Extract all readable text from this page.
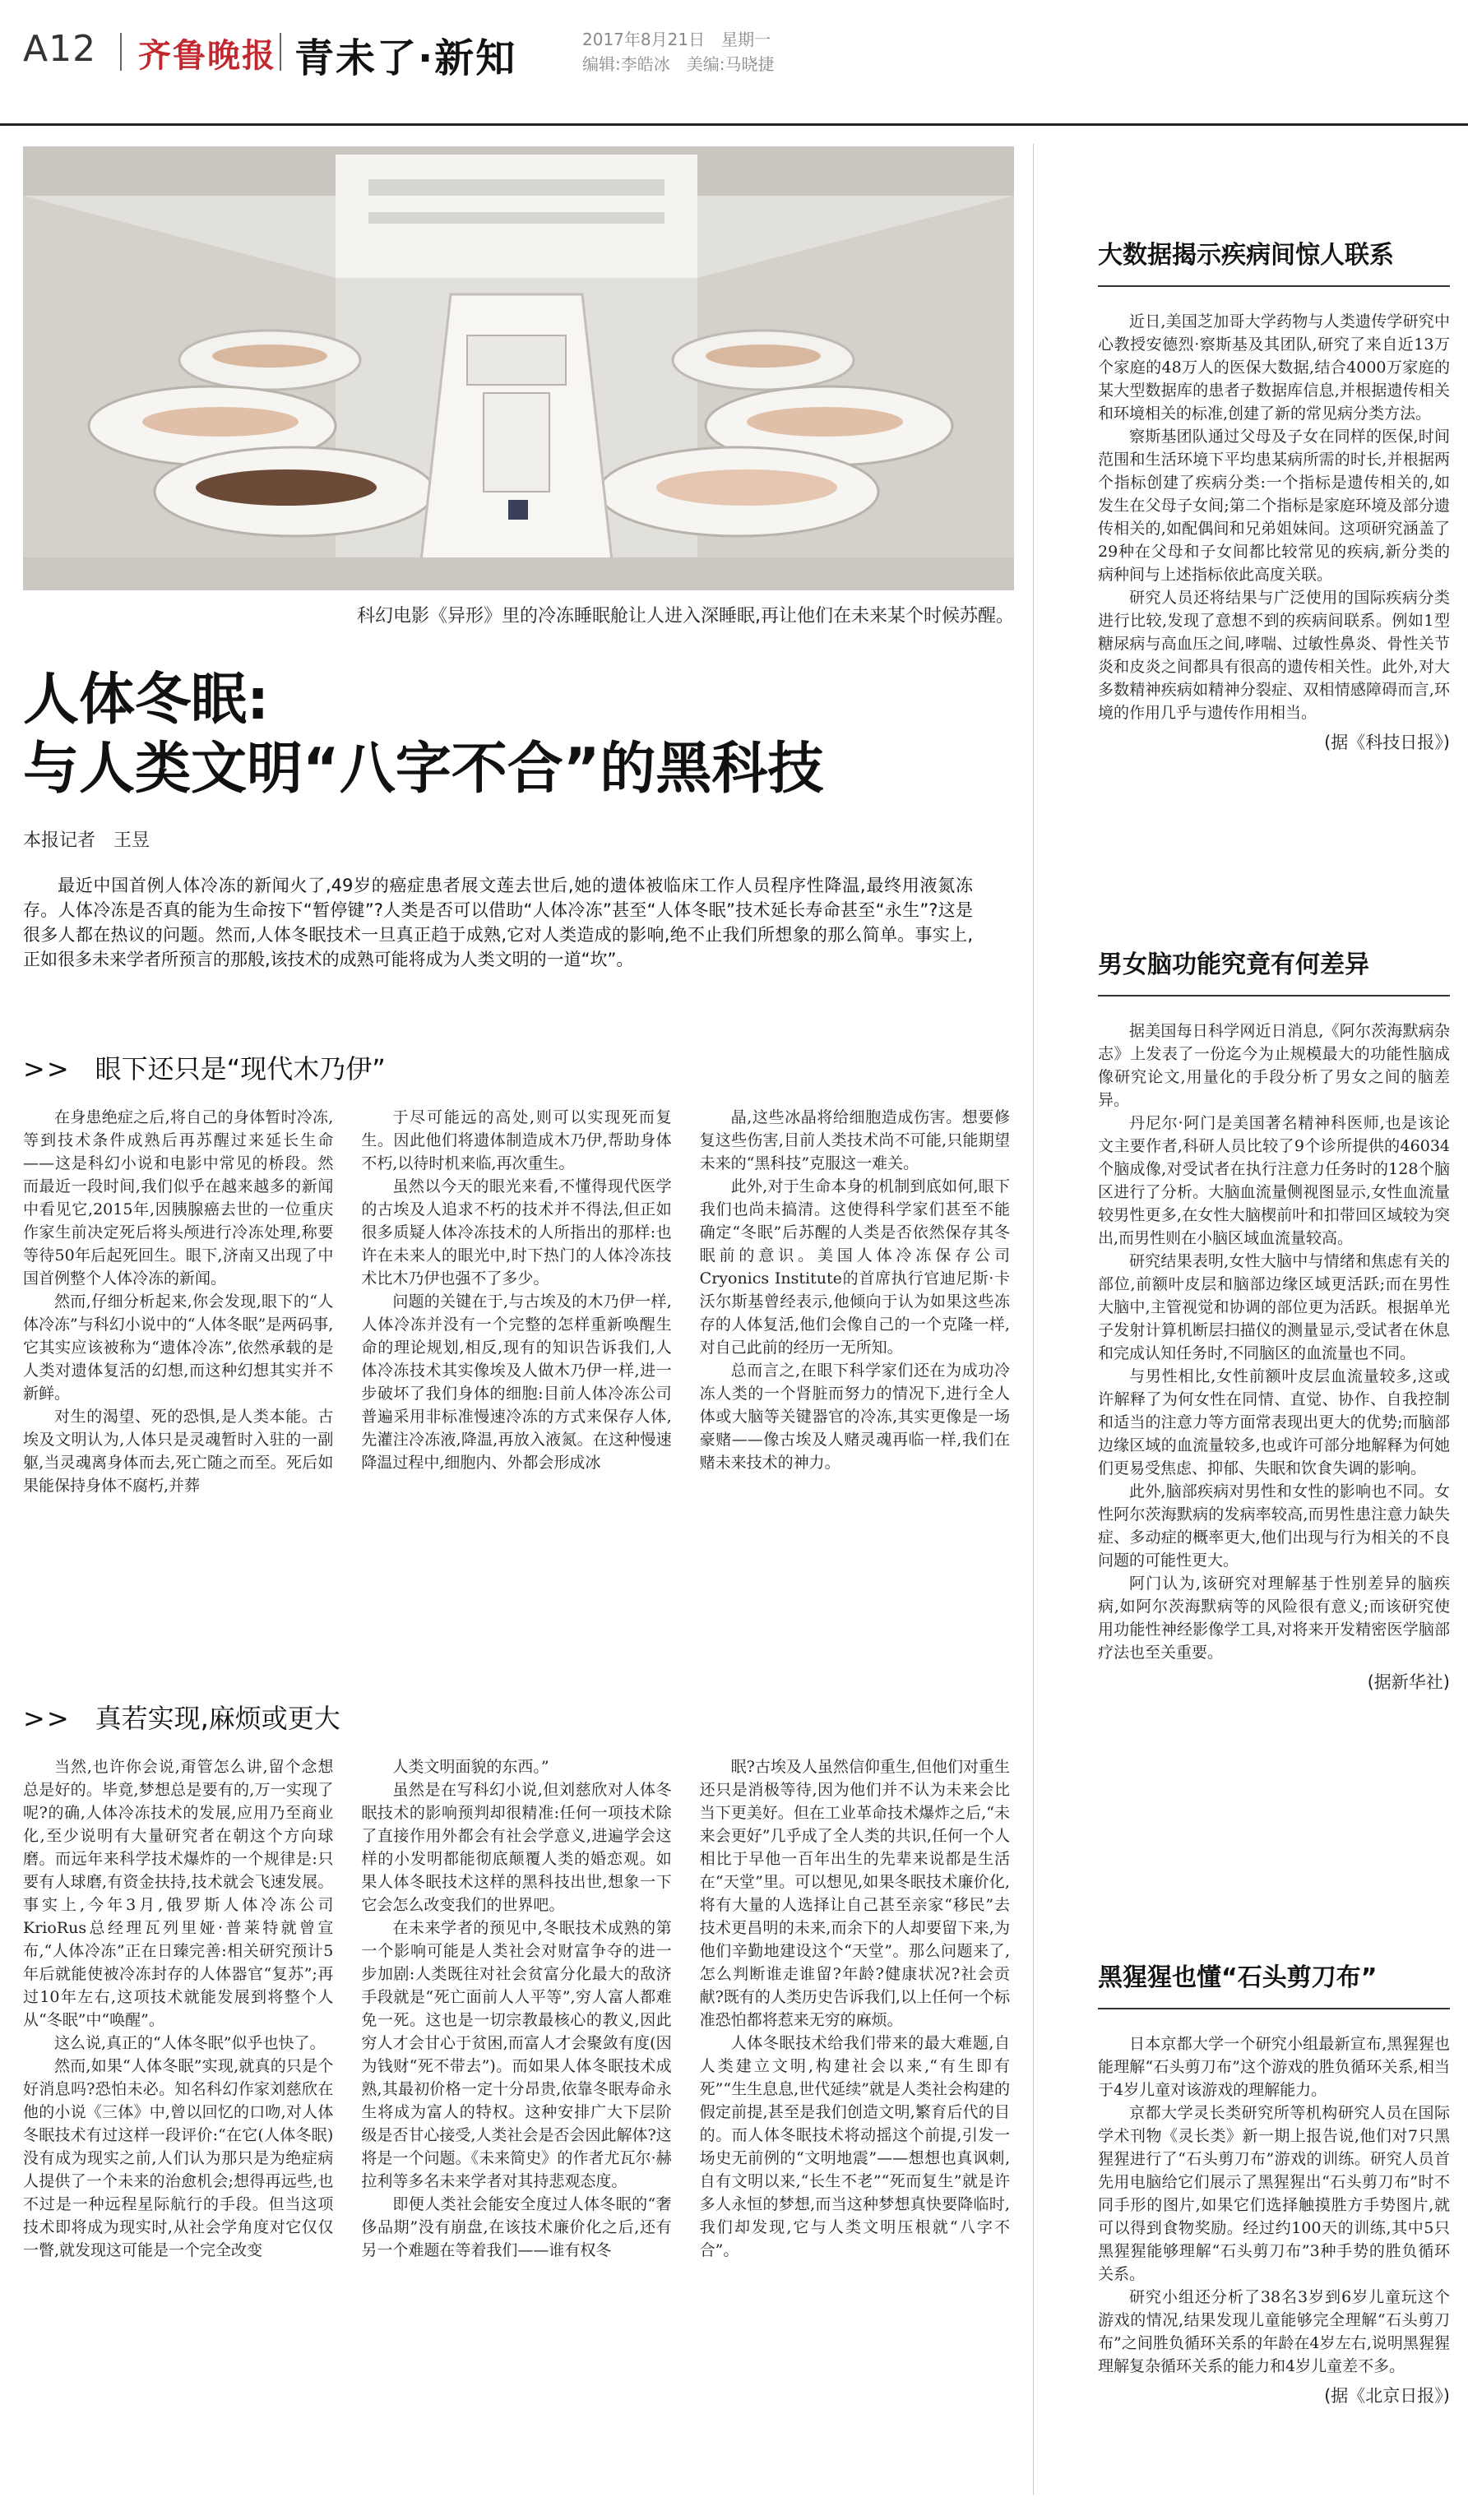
A12 齐鲁晚报 青未了·新知	2017年8月21日　星期一
编辑:李皓冰　美编:马晓捷
科幻电影《异形》里的冷冻睡眠舱让人进入深睡眠,再让他们在未来某个时候苏醒。
人体冬眠:
与人类文明“八字不合”的黑科技
本报记者　王昱
最近中国首例人体冷冻的新闻火了,49岁的癌症患者展文莲去世后,她的遗体被临床工作人员程序性降温,最终用液氮冻存。人体冷冻是否真的能为生命按下“暂停键”?人类是否可以借助“人体冷冻”甚至“人体冬眠”技术延长寿命甚至“永生”?这是很多人都在热议的问题。然而,人体冬眠技术一旦真正趋于成熟,它对人类造成的影响,绝不止我们所想象的那么简单。事实上,正如很多未来学者所预言的那般,该技术的成熟可能将成为人类文明的一道“坎”。
>> 眼下还只是“现代木乃伊”

在身患绝症之后,将自己的身体暂时冷冻,等到技术条件成熟后再苏醒过来延长生命——这是科幻小说和电影中常见的桥段。然而最近一段时间,我们似乎在越来越多的新闻中看见它,2015年,因胰腺癌去世的一位重庆作家生前决定死后将头颅进行冷冻处理,称要等待50年后起死回生。眼下,济南又出现了中国首例整个人体冷冻的新闻。

然而,仔细分析起来,你会发现,眼下的“人体冷冻”与科幻小说中的“人体冬眠”是两码事,它其实应该被称为“遗体冷冻”,依然承载的是人类对遗体复活的幻想,而这种幻想其实并不新鲜。

对生的渴望、死的恐惧,是人类本能。古埃及文明认为,人体只是灵魂暂时入驻的一副躯,当灵魂离身体而去,死亡随之而至。死后如果能保持身体不腐朽,并葬

于尽可能远的高处,则可以实现死而复生。因此他们将遗体制造成木乃伊,帮助身体不朽,以待时机来临,再次重生。

虽然以今天的眼光来看,不懂得现代医学的古埃及人追求不朽的技术并不得法,但正如很多质疑人体冷冻技术的人所指出的那样:也许在未来人的眼光中,时下热门的人体冷冻技术比木乃伊也强不了多少。

问题的关键在于,与古埃及的木乃伊一样,人体冷冻并没有一个完整的怎样重新唤醒生命的理论规划,相反,现有的知识告诉我们,人体冷冻技术其实像埃及人做木乃伊一样,进一步破坏了我们身体的细胞:目前人体冷冻公司普遍采用非标准慢速冷冻的方式来保存人体,先灌注冷冻液,降温,再放入液氮。在这种慢速降温过程中,细胞内、外都会形成冰

晶,这些冰晶将给细胞造成伤害。想要修复这些伤害,目前人类技术尚不可能,只能期望未来的“黑科技”克服这一难关。

此外,对于生命本身的机制到底如何,眼下我们也尚未搞清。这使得科学家们甚至不能确定“冬眠”后苏醒的人类是否依然保存其冬眠前的意识。美国人体冷冻保存公司Cryonics Institute的首席执行官迪尼斯·卡沃尔斯基曾经表示,他倾向于认为如果这些冻存的人体复活,他们会像自己的一个克隆一样,对自己此前的经历一无所知。

总而言之,在眼下科学家们还在为成功冷冻人类的一个肾脏而努力的情况下,进行全人体或大脑等关键器官的冷冻,其实更像是一场豪赌——像古埃及人赌灵魂再临一样,我们在赌未来技术的神力。

>> 真若实现,麻烦或更大

当然,也许你会说,甭管怎么讲,留个念想总是好的。毕竟,梦想总是要有的,万一实现了呢?的确,人体冷冻技术的发展,应用乃至商业化,至少说明有大量研究者在朝这个方向球磨。而远年来科学技术爆炸的一个规律是:只要有人球磨,有资金扶持,技术就会飞速发展。事实上,今年3月,俄罗斯人体冷冻公司KrioRus总经理瓦列里娅·普莱特就曾宣布,“人体冷冻”正在日臻完善:相关研究预计5年后就能使被冷冻封存的人体器官“复苏”;再过10年左右,这项技术就能发展到将整个人从“冬眠”中“唤醒”。

这么说,真正的“人体冬眠”似乎也快了。

然而,如果“人体冬眠”实现,就真的只是个好消息吗?恐怕未必。知名科幻作家刘慈欣在他的小说《三体》中,曾以回忆的口吻,对人体冬眠技术有过这样一段评价:“在它(人体冬眠)没有成为现实之前,人们认为那只是为绝症病人提供了一个未来的治愈机会;想得再远些,也不过是一种远程星际航行的手段。但当这项技术即将成为现实时,从社会学角度对它仅仅一瞥,就发现这可能是一个完全改变

人类文明面貌的东西。”

虽然是在写科幻小说,但刘慈欣对人体冬眠技术的影响预判却很精准:任何一项技术除了直接作用外都会有社会学意义,进遍学会这样的小发明都能彻底颠覆人类的婚恋观。如果人体冬眠技术这样的黑科技出世,想象一下它会怎么改变我们的世界吧。

在未来学者的预见中,冬眠技术成熟的第一个影响可能是人类社会对财富争夺的进一步加剧:人类既往对社会贫富分化最大的敌济手段就是“死亡面前人人平等”,穷人富人都难免一死。这也是一切宗教最核心的教义,因此穷人才会甘心于贫困,而富人才会聚敛有度(因为钱财“死不带去”)。而如果人体冬眠技术成熟,其最初价格一定十分昂贵,依靠冬眠寿命永生将成为富人的特权。这种安排广大下层阶级是否甘心接受,人类社会是否会因此解体?这将是一个问题。《未来简史》的作者尤瓦尔·赫拉利等多名未来学者对其持悲观态度。

即便人类社会能安全度过人体冬眠的“奢侈品期”没有崩盘,在该技术廉价化之后,还有另一个难题在等着我们——谁有权冬

眠?古埃及人虽然信仰重生,但他们对重生还只是消极等待,因为他们并不认为未来会比当下更美好。但在工业革命技术爆炸之后,“未来会更好”几乎成了全人类的共识,任何一个人相比于早他一百年出生的先辈来说都是生活在“天堂”里。可以想见,如果冬眠技术廉价化,将有大量的人选择让自己甚至亲家“移民”去技术更昌明的未来,而余下的人却要留下来,为他们辛勤地建设这个“天堂”。那么问题来了,怎么判断谁走谁留?年龄?健康状况?社会贡献?既有的人类历史告诉我们,以上任何一个标准恐怕都将惹来无穷的麻烦。

人体冬眠技术给我们带来的最大难题,自人类建立文明,构建社会以来,“有生即有死”“生生息息,世代延续”就是人类社会构建的假定前提,甚至是我们创造文明,繁育后代的目的。而人体冬眠技术将动摇这个前提,引发一场史无前例的“文明地震”——想想也真讽刺,自有文明以来,“长生不老”“死而复生”就是许多人永恒的梦想,而当这种梦想真快要降临时,我们却发现,它与人类文明压根就“八字不合”。

大数据揭示疾病间惊人联系

近日,美国芝加哥大学药物与人类遗传学研究中心教授安德烈·察斯基及其团队,研究了来自近13万个家庭的48万人的医保大数据,结合4000万家庭的某大型数据库的患者子数据库信息,并根据遗传相关和环境相关的标准,创建了新的常见病分类方法。

察斯基团队通过父母及子女在同样的医保,时间范围和生活环境下平均患某病所需的时长,并根据两个指标创建了疾病分类:一个指标是遗传相关的,如发生在父母子女间;第二个指标是家庭环境及部分遗传相关的,如配偶间和兄弟姐妹间。这项研究涵盖了29种在父母和子女间都比较常见的疾病,新分类的病种间与上述指标依此高度关联。

研究人员还将结果与广泛使用的国际疾病分类进行比较,发现了意想不到的疾病间联系。例如1型糖尿病与高血压之间,哮喘、过敏性鼻炎、骨性关节炎和皮炎之间都具有很高的遗传相关性。此外,对大多数精神疾病如精神分裂症、双相情感障碍而言,环境的作用几乎与遗传作用相当。

(据《科技日报》)
男女脑功能究竟有何差异

据美国每日科学网近日消息,《阿尔茨海默病杂志》上发表了一份迄今为止规模最大的功能性脑成像研究论文,用量化的手段分析了男女之间的脑差异。

丹尼尔·阿门是美国著名精神科医师,也是该论文主要作者,科研人员比较了9个诊所提供的46034个脑成像,对受试者在执行注意力任务时的128个脑区进行了分析。大脑血流量侧视图显示,女性血流量较男性更多,在女性大脑楔前叶和扣带回区域较为突出,而男性则在小脑区域血流量较高。

研究结果表明,女性大脑中与情绪和焦虑有关的部位,前额叶皮层和脑部边缘区域更活跃;而在男性大脑中,主管视觉和协调的部位更为活跃。根据单光子发射计算机断层扫描仪的测量显示,受试者在休息和完成认知任务时,不同脑区的血流量也不同。

与男性相比,女性前额叶皮层血流量较多,这或许解释了为何女性在同情、直觉、协作、自我控制和适当的注意力等方面常表现出更大的优势;而脑部边缘区域的血流量较多,也或许可部分地解释为何她们更易受焦虑、抑郁、失眠和饮食失调的影响。

此外,脑部疾病对男性和女性的影响也不同。女性阿尔茨海默病的发病率较高,而男性患注意力缺失症、多动症的概率更大,他们出现与行为相关的不良问题的可能性更大。

阿门认为,该研究对理解基于性别差异的脑疾病,如阿尔茨海默病等的风险很有意义;而该研究使用功能性神经影像学工具,对将来开发精密医学脑部疗法也至关重要。

(据新华社)
黑猩猩也懂“石头剪刀布”

日本京都大学一个研究小组最新宣布,黑猩猩也能理解“石头剪刀布”这个游戏的胜负循环关系,相当于4岁儿童对该游戏的理解能力。

京都大学灵长类研究所等机构研究人员在国际学术刊物《灵长类》新一期上报告说,他们对7只黑猩猩进行了“石头剪刀布”游戏的训练。研究人员首先用电脑给它们展示了黑猩猩出“石头剪刀布”时不同手形的图片,如果它们选择触摸胜方手势图片,就可以得到食物奖励。经过约100天的训练,其中5只黑猩猩能够理解“石头剪刀布”3种手势的胜负循环关系。

研究小组还分析了38名3岁到6岁儿童玩这个游戏的情况,结果发现儿童能够完全理解“石头剪刀布”之间胜负循环关系的年龄在4岁左右,说明黑猩猩理解复杂循环关系的能力和4岁儿童差不多。

(据《北京日报》)
